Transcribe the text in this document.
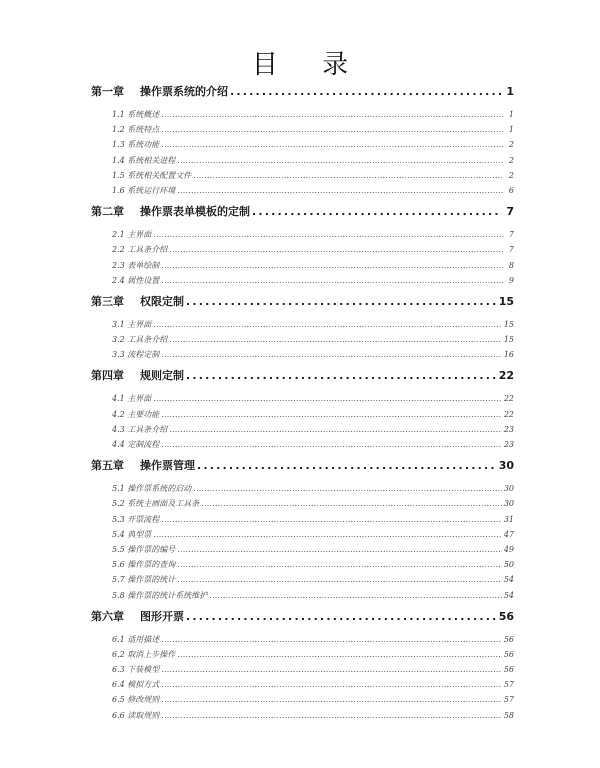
目 录
第一章	操作票系统的介绍 .....	1
1.1 系统概述 .....	1
1.2 系统特点 .....	1
1.3 系统功能 .....	2
1.4 系统相关进程 .....	2
1.5 系统相关配置文件 .....	2
1.6 系统运行环境 .....	6
第二章	操作票表单模板的定制 .....	7
2.1 主界面 .....	7
2.2 工具条介绍 .....	7
2.3 表单绘制 .....	8
2.4 属性设置 .....	9
第三章	权限定制 .....	15
3.1 主界面 .....	15
3.2 工具条介绍 .....	15
3.3 流程定制 .....	16
第四章	规则定制 .....	22
4.1 主界面 .....	22
4.2 主要功能 .....	22
4.3 工具条介绍 .....	23
4.4 定制流程 .....	23
第五章	操作票管理 .....	30
5.1 操作票系统的启动 .....	30
5.2 系统主画面及工具条 .....	30
5.3 开票流程 .....	31
5.4 典型票 .....	47
5.5 操作票的编号 .....	49
5.6 操作票的查询 .....	50
5.7 操作票的统计 .....	54
5.8 操作票的统计系统维护 .....	54
第六章	图形开票 .....	56
6.1 适用描述 .....	56
6.2 取消上步操作 .....	56
6.3 下装模型 .....	56
6.4 模拟方式 .....	57
6.5 修改规则 .....	57
6.6 读取规则 .....	58
